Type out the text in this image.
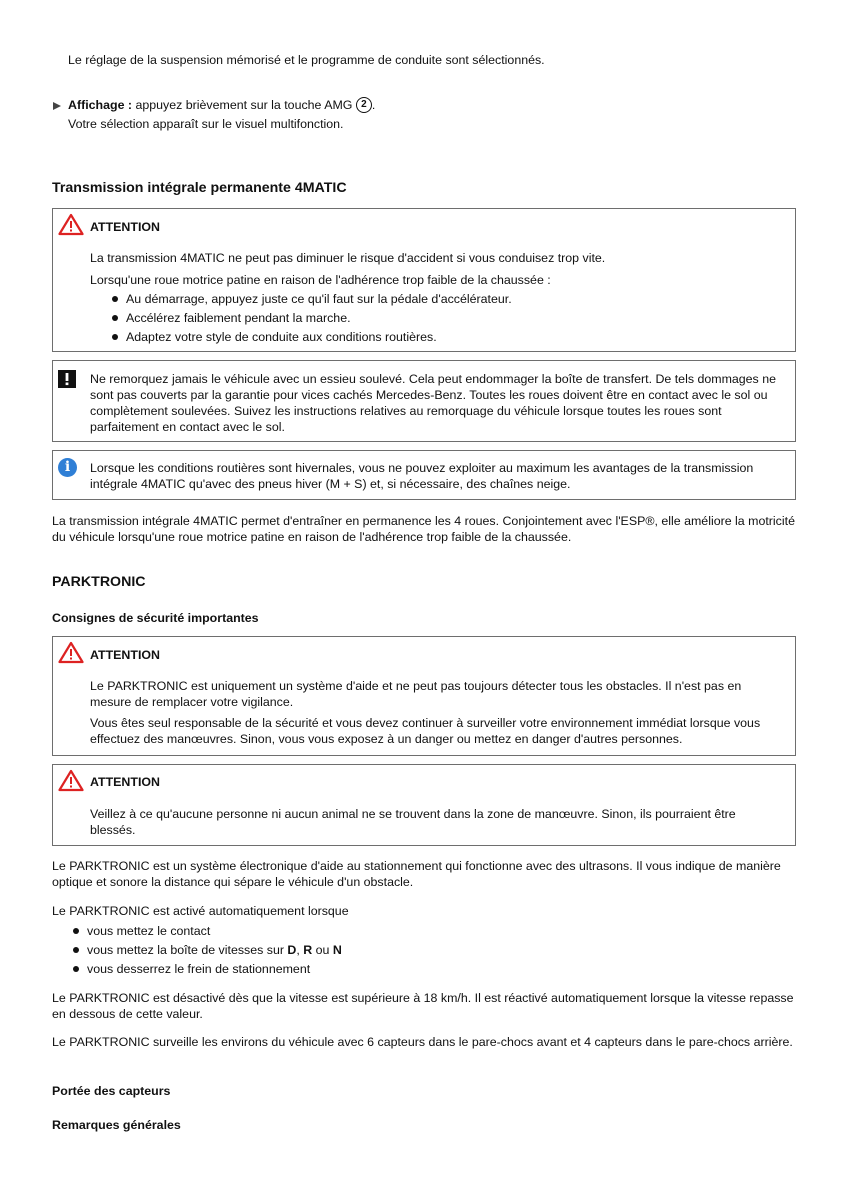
Le réglage de la suspension mémorisé et le programme de conduite sont sélectionnés.
Affichage : appuyez brièvement sur la touche AMG 2 .
Votre sélection apparaît sur le visuel multifonction.
Transmission intégrale permanente 4MATIC
ATTENTION
La transmission 4MATIC ne peut pas diminuer le risque d'accident si vous conduisez trop vite.
Lorsqu'une roue motrice patine en raison de l'adhérence trop faible de la chaussée :
Au démarrage, appuyez juste ce qu'il faut sur la pédale d'accélérateur.
Accélérez faiblement pendant la marche.
Adaptez votre style de conduite aux conditions routières.
Ne remorquez jamais le véhicule avec un essieu soulevé. Cela peut endommager la boîte de transfert. De tels dommages ne sont pas couverts par la garantie pour vices cachés Mercedes-Benz. Toutes les roues doivent être en contact avec le sol ou complètement soulevées. Suivez les instructions relatives au remorquage du véhicule lorsque toutes les roues sont parfaitement en contact avec le sol.
i	Lorsque les conditions routières sont hivernales, vous ne pouvez exploiter au maximum les avantages de la transmission intégrale 4MATIC qu'avec des pneus hiver (M + S) et, si nécessaire, des chaînes neige.
La transmission intégrale 4MATIC permet d'entraîner en permanence les 4 roues. Conjointement avec l'ESP®, elle améliore la motricité du véhicule lorsqu'une roue motrice patine en raison de l'adhérence trop faible de la chaussée.
PARKTRONIC
Consignes de sécurité importantes
ATTENTION
Le PARKTRONIC est uniquement un système d'aide et ne peut pas toujours détecter tous les obstacles. Il n'est pas en mesure de remplacer votre vigilance.
Vous êtes seul responsable de la sécurité et vous devez continuer à surveiller votre environnement immédiat lorsque vous effectuez des manœuvres. Sinon, vous vous exposez à un danger ou mettez en danger d'autres personnes.
ATTENTION
Veillez à ce qu'aucune personne ni aucun animal ne se trouvent dans la zone de manœuvre. Sinon, ils pourraient être blessés.
Le PARKTRONIC est un système électronique d'aide au stationnement qui fonctionne avec des ultrasons. Il vous indique de manière optique et sonore la distance qui sépare le véhicule d'un obstacle.
Le PARKTRONIC est activé automatiquement lorsque
vous mettez le contact
vous mettez la boîte de vitesses sur D, R ou N
vous desserrez le frein de stationnement
Le PARKTRONIC est désactivé dès que la vitesse est supérieure à 18 km/h. Il est réactivé automatiquement lorsque la vitesse repasse en dessous de cette valeur.
Le PARKTRONIC surveille les environs du véhicule avec 6 capteurs dans le pare-chocs avant et 4 capteurs dans le pare-chocs arrière.
Portée des capteurs
Remarques générales
